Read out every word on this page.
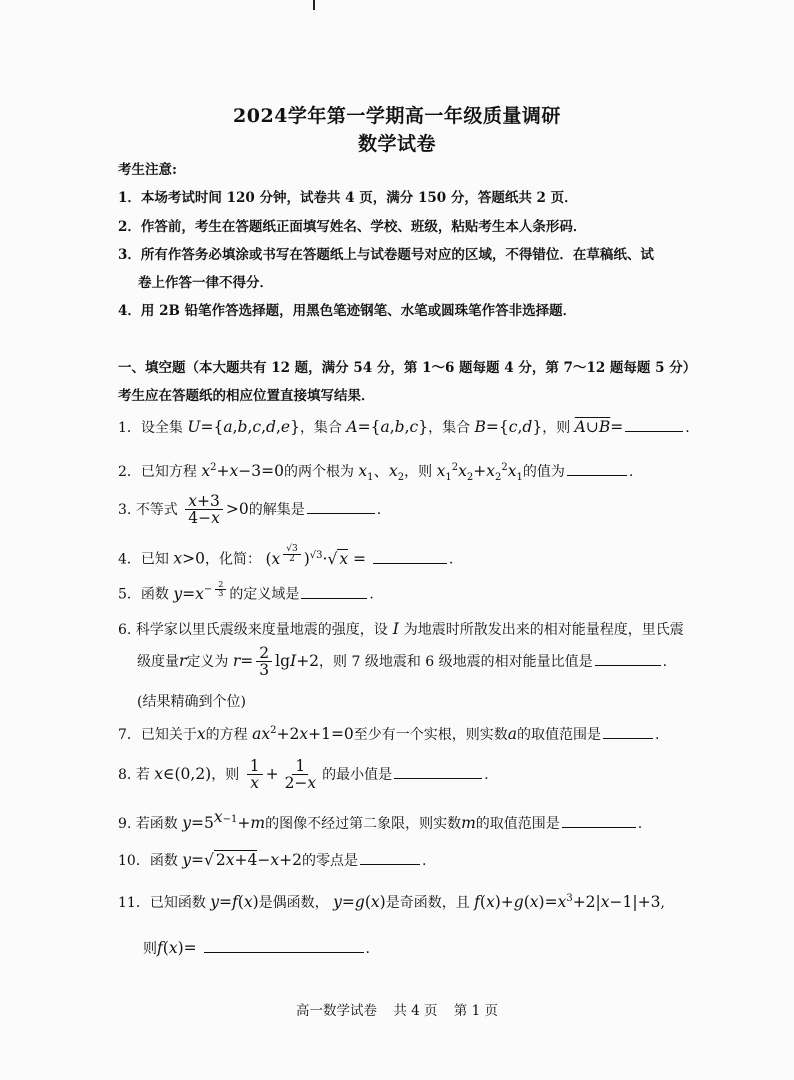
2024学年第一学期高一年级质量调研
数学试卷
考生注意:
1．本场考试时间 120 分钟，试卷共 4 页，满分 150 分，答题纸共 2 页．
2．作答前，考生在答题纸正面填写姓名、学校、班级，粘贴考生本人条形码．
3．所有作答务必填涂或书写在答题纸上与试卷题号对应的区域，不得错位．在草稿纸、试
卷上作答一律不得分．
4．用 2B 铅笔作答选择题，用黑色笔迹钢笔、水笔或圆珠笔作答非选择题．
一、填空题（本大题共有 12 题，满分 54 分，第 1～6 题每题 4 分，第 7～12 题每题 5 分）
考生应在答题纸的相应位置直接填写结果．
1．设全集 U={a,b,c,d,e}，集合 A={a,b,c}，集合 B={c,d}，则 A∪B=	.
2．已知方程 $x^2+x-3=0$的两个根为 $x_1$、$x_2$，则 $x_1^2x_2+x_2^2x_1$的值为	.
3. 不等式 $\frac{x+3}{4-x} >0$的解集是	.
4．已知 x>0，化简： (x $^{\frac{√3}{2}}$ )$^{√3}$·√ x =	.
5．函数 $y=x^{- \frac{2}{3}}$ 的定义域是	.
6. 科学家以里氏震级来度量地震的强度，设 I 为地震时所散发出来的相对能量程度，里氏震
级度量r定义为 $r= \frac{2}{3} \lg I+2$，则 7 级地震和 6 级地震的相对能量比值是	.
(结果精确到个位)
7．已知关于x的方程 $ax^2+2x+1=0$至少有一个实根，则实数a的取值范围是	.
8. 若 x∈(0,2)，则 $\frac{1}{x} + \frac{1}{2-x}$ 的最小值是	.
9. 若函数 $y=5^{x-1}+m$的图像不经过第二象限，则实数m的取值范围是	.
10．函数 y=√ 2x+4−x+2的零点是	.
11．已知函数 y=f(x)是偶函数， y=g(x)是奇函数，且 $f(x)+g(x)=x^3+2|x-1|+3$,
则f(x)=	.
高一数学试卷 共 4 页 第 1 页
